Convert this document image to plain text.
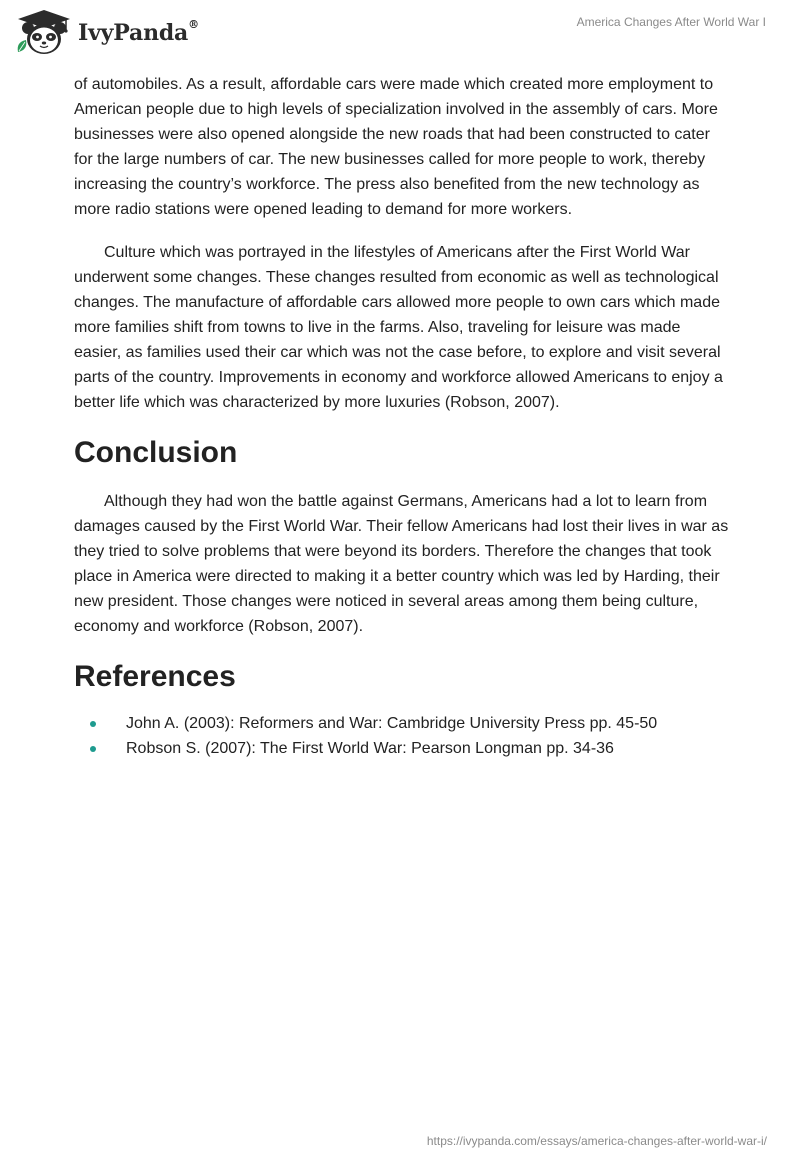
IvyPanda®	America Changes After World War I

of automobiles. As a result, affordable cars were made which created more employment to American people due to high levels of specialization involved in the assembly of cars. More businesses were also opened alongside the new roads that had been constructed to cater for the large numbers of car. The new businesses called for more people to work, thereby increasing the country’s workforce. The press also benefited from the new technology as more radio stations were opened leading to demand for more workers.

Culture which was portrayed in the lifestyles of Americans after the First World War underwent some changes. These changes resulted from economic as well as technological changes. The manufacture of affordable cars allowed more people to own cars which made more families shift from towns to live in the farms. Also, traveling for leisure was made easier, as families used their car which was not the case before, to explore and visit several parts of the country. Improvements in economy and workforce allowed Americans to enjoy a better life which was characterized by more luxuries (Robson, 2007).

Conclusion

Although they had won the battle against Germans, Americans had a lot to learn from damages caused by the First World War. Their fellow Americans had lost their lives in war as they tried to solve problems that were beyond its borders. Therefore the changes that took place in America were directed to making it a better country which was led by Harding, their new president. Those changes were noticed in several areas among them being culture, economy and workforce (Robson, 2007).

References
John A. (2003): Reformers and War: Cambridge University Press pp. 45-50
Robson S. (2007): The First World War: Pearson Longman pp. 34-36
https://ivypanda.com/essays/america-changes-after-world-war-i/
